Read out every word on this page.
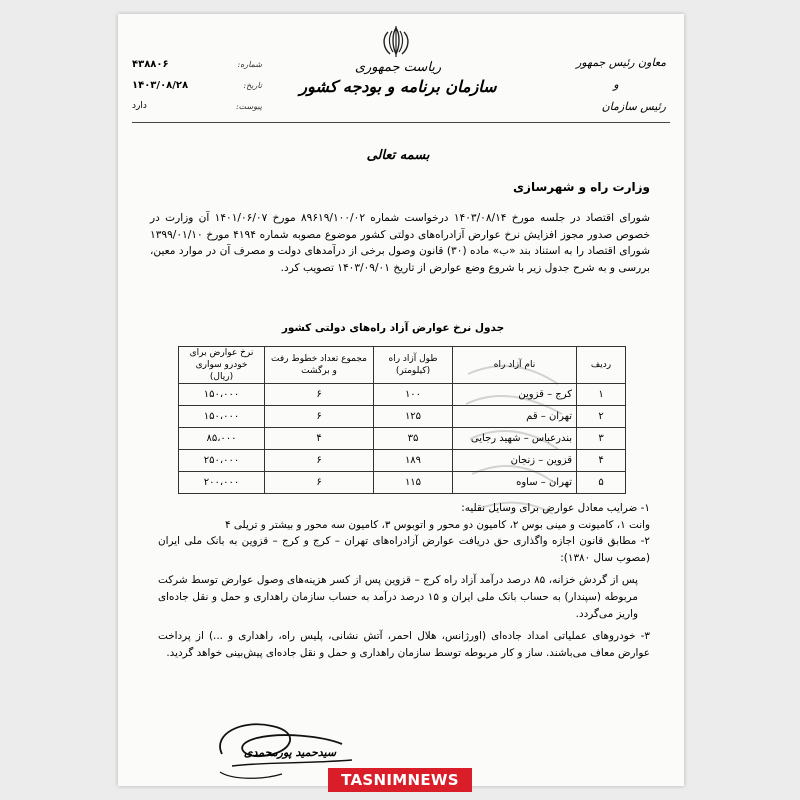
معاون رئیس جمهور
و
رئیس سازمان
ریاست جمهوری
سازمان برنامه و بودجه کشور
شماره:
۴۳۸۸۰۶
تاریخ:
۱۴۰۳/۰۸/۲۸
پیوست:
دارد
بسمه تعالی
وزارت راه و شهرسازی
شورای اقتصاد در جلسه مورخ ۱۴۰۳/۰۸/۱۴ درخواست شماره ۸۹۶۱۹/۱۰۰/۰۲ مورخ ۱۴۰۱/۰۶/۰۷ آن وزارت در خصوص صدور مجوز افزایش نرخ عوارض آزادراه‌های دولتی کشور موضوع مصوبه شماره ۴۱۹۴ مورخ ۱۳۹۹/۰۱/۱۰ شورای اقتصاد را به استناد بند «ب» ماده (۳۰) قانون وصول برخی از درآمدهای دولت و مصرف آن در موارد معین، بررسی و به شرح جدول زیر با شروع وضع عوارض از تاریخ ۱۴۰۳/۰۹/۰۱ تصویب کرد.
جدول نرخ عوارض آزاد راه‌های دولتی کشور
ردیف	نام آزاد راه	طول آزاد راه (کیلومتر)	مجموع تعداد خطوط رفت و برگشت	نرخ عوارض برای خودرو سواری (ریال)
۱	کرج – قزوین	۱۰۰	۶	۱۵۰،۰۰۰
۲	تهران – قم	۱۲۵	۶	۱۵۰،۰۰۰
۳	بندرعباس – شهید رجایی	۳۵	۴	۸۵،۰۰۰
۴	قزوین – زنجان	۱۸۹	۶	۲۵۰،۰۰۰
۵	تهران – ساوه	۱۱۵	۶	۲۰۰،۰۰۰

۱- ضرایب معادل عوارض برای وسایل نقلیه:

وانت ۱، کامیونت و مینی بوس ۲، کامیون دو محور و اتوبوس ۳، کامیون سه محور و بیشتر و تریلی ۴

۲- مطابق قانون اجازه واگذاری حق دریافت عوارض آزادراه‌های تهران – کرج و کرج – قزوین به بانک ملی ایران (مصوب سال ۱۳۸۰):

پس از گردش خزانه، ۸۵ درصد درآمد آزاد راه کرج – قزوین پس از کسر هزینه‌های وصول عوارض توسط شرکت مربوطه (سپندار) به حساب بانک ملی ایران و ۱۵ درصد درآمد به حساب سازمان راهداری و حمل و نقل جاده‌ای واریز می‌گردد.

۳- خودروهای عملیاتی امداد جاده‌ای (اورژانس، هلال احمر، آتش نشانی، پلیس راه، راهداری و ...) از پرداخت عوارض معاف می‌باشند. ساز و کار مربوطه توسط سازمان راهداری و حمل و نقل جاده‌ای پیش‌بینی خواهد گردید.

سیدحمید پورمحمدی
TASNIMNEWS
